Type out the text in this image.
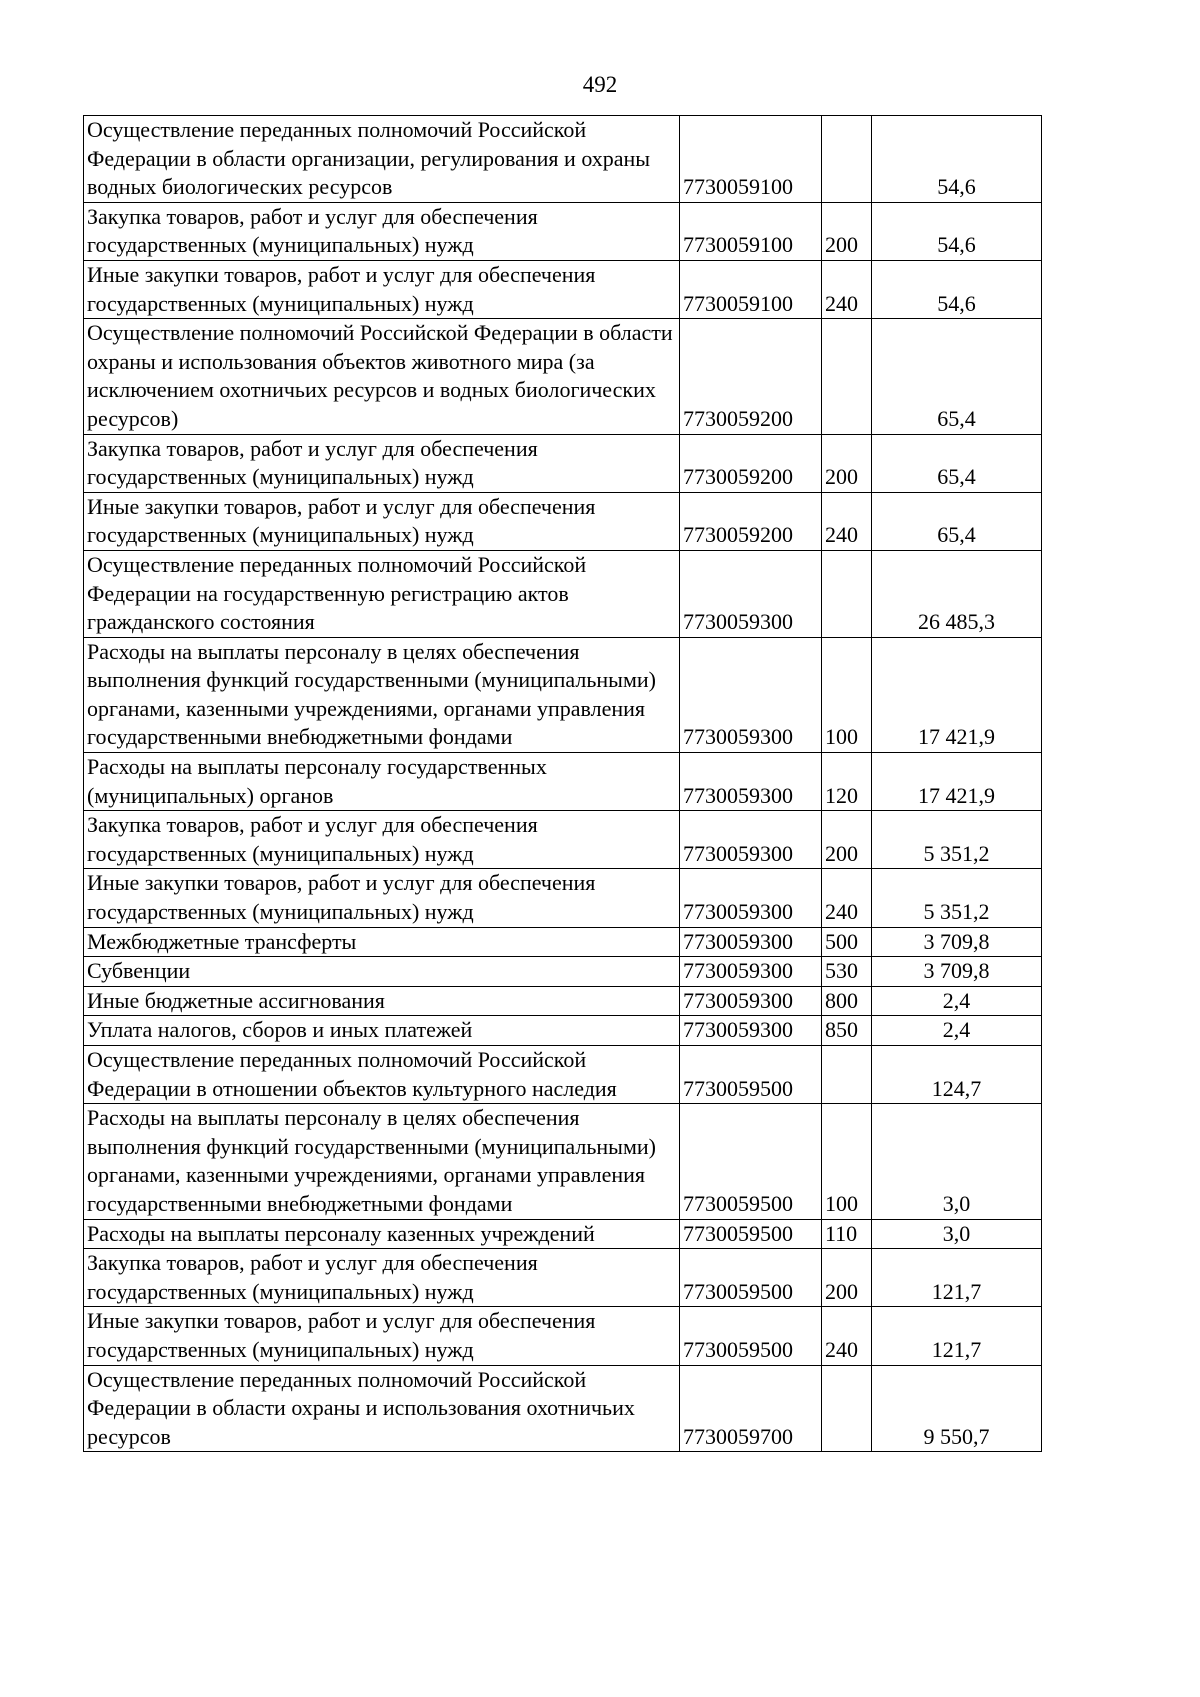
492
Осуществление переданных полномочий Российской Федерации в области организации, регулирования и охраны водных биологических ресурсов	7730059100		54,6
Закупка товаров, работ и услуг для обеспечения государственных (муниципальных) нужд	7730059100	200	54,6
Иные закупки товаров, работ и услуг для обеспечения государственных (муниципальных) нужд	7730059100	240	54,6
Осуществление полномочий Российской Федерации в области охраны и использования объектов животного мира (за исключением охотничьих ресурсов и водных биологических ресурсов)	7730059200		65,4
Закупка товаров, работ и услуг для обеспечения государственных (муниципальных) нужд	7730059200	200	65,4
Иные закупки товаров, работ и услуг для обеспечения государственных (муниципальных) нужд	7730059200	240	65,4
Осуществление переданных полномочий Российской Федерации на государственную регистрацию актов гражданского состояния	7730059300		26 485,3
Расходы на выплаты персоналу в целях обеспечения выполнения функций государственными (муниципальными) органами, казенными учреждениями, органами управления государственными внебюджетными фондами	7730059300	100	17 421,9
Расходы на выплаты персоналу государственных (муниципальных) органов	7730059300	120	17 421,9
Закупка товаров, работ и услуг для обеспечения государственных (муниципальных) нужд	7730059300	200	5 351,2
Иные закупки товаров, работ и услуг для обеспечения государственных (муниципальных) нужд	7730059300	240	5 351,2
Межбюджетные трансферты	7730059300	500	3 709,8
Субвенции	7730059300	530	3 709,8
Иные бюджетные ассигнования	7730059300	800	2,4
Уплата налогов, сборов и иных платежей	7730059300	850	2,4
Осуществление переданных полномочий Российской Федерации в отношении объектов культурного наследия	7730059500		124,7
Расходы на выплаты персоналу в целях обеспечения выполнения функций государственными (муниципальными) органами, казенными учреждениями, органами управления государственными внебюджетными фондами	7730059500	100	3,0
Расходы на выплаты персоналу казенных учреждений	7730059500	110	3,0
Закупка товаров, работ и услуг для обеспечения государственных (муниципальных) нужд	7730059500	200	121,7
Иные закупки товаров, работ и услуг для обеспечения государственных (муниципальных) нужд	7730059500	240	121,7
Осуществление переданных полномочий Российской Федерации в области охраны и использования охотничьих ресурсов	7730059700		9 550,7
